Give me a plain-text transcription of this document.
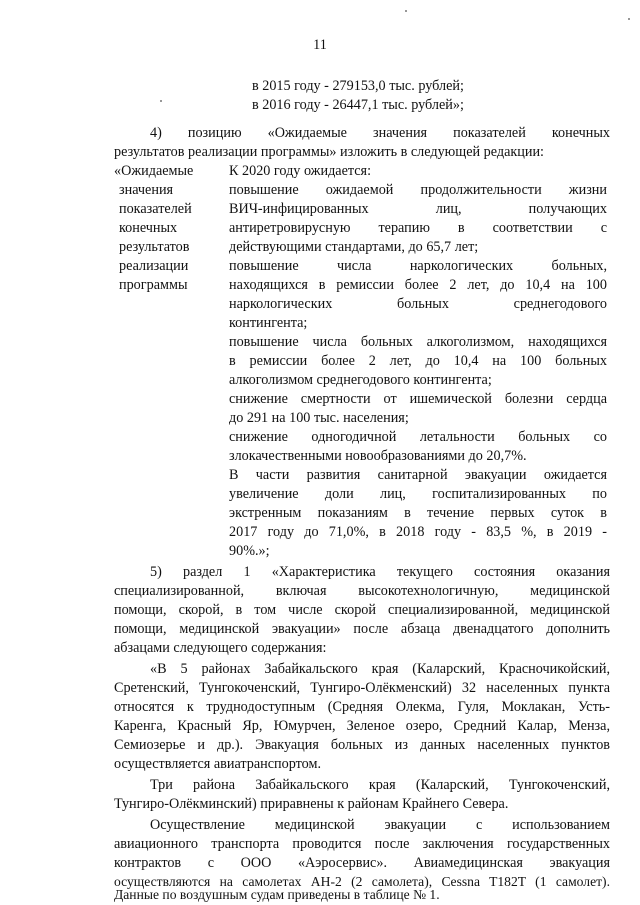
11
в 2015 году - 279153,0 тыс. рублей;
в 2016 году - 26447,1 тыс. рублей»;
4) позицию «Ожидаемые значения показателей конечных
результатов реализации программы» изложить в следующей редакции:
«Ожидаемые
значения
показателей
конечных
результатов
реализации
программы
К 2020 году ожидается:
повышение ожидаемой продолжительности жизни
ВИЧ-инфицированных лиц, получающих
антиретровирусную терапию в соответствии с
действующими стандартами, до 65,7 лет;
повышение числа наркологических больных,
находящихся в ремиссии более 2 лет, до 10,4 на 100
наркологических больных среднегодового
контингента;
повышение числа больных алкоголизмом, находящихся
в ремиссии более 2 лет, до 10,4 на 100 больных
алкоголизмом среднегодового контингента;
снижение смертности от ишемической болезни сердца
до 291 на 100 тыс. населения;
снижение одногодичной летальности больных со
злокачественными новообразованиями до 20,7%.
В части развития санитарной эвакуации ожидается
увеличение доли лиц, госпитализированных по
экстренным показаниям в течение первых суток в
2017 году до 71,0%, в 2018 году - 83,5 %, в 2019 -
90%.»;
5) раздел 1 «Характеристика текущего состояния оказания
специализированной, включая высокотехнологичную, медицинской
помощи, скорой, в том числе скорой специализированной, медицинской
помощи, медицинской эвакуации» после абзаца двенадцатого дополнить
абзацами следующего содержания:
«В 5 районах Забайкальского края (Каларский, Красночикойский,
Сретенский, Тунгокоченский, Тунгиро-Олёкменский) 32 населенных пункта
относятся к труднодоступным (Средняя Олекма, Гуля, Моклакан, Усть-
Каренга, Красный Яр, Юмурчен, Зеленое озеро, Средний Калар, Менза,
Семиозерье и др.). Эвакуация больных из данных населенных пунктов
осуществляется авиатранспортом.
Три района Забайкальского края (Каларский, Тунгокоченский,
Тунгиро-Олёкминский) приравнены к районам Крайнего Севера.
Осуществление медицинской эвакуации с использованием
авиационного транспорта проводится после заключения государственных
контрактов с ООО «Аэросервис». Авиамедицинская эвакуация
осуществляются на самолетах АН-2 (2 самолета), Cessna T182T (1 самолет).
Данные по воздушным судам приведены в таблице № 1.
